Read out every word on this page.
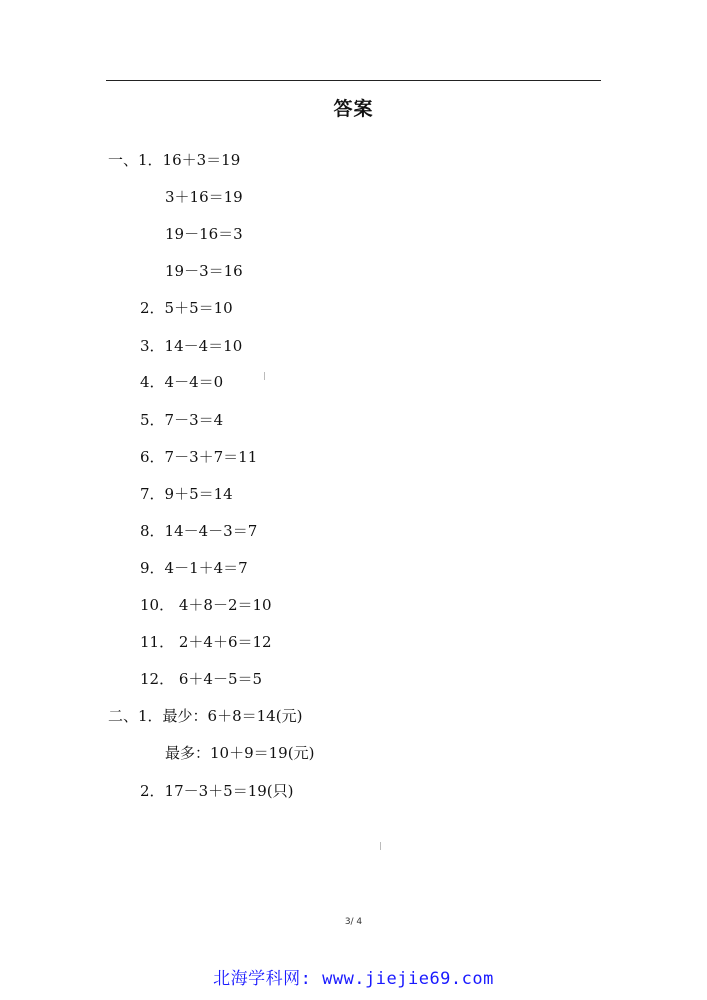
答案
一、1．16＋3＝19
3＋16＝19
19－16＝3
19－3＝16
2．5＋5＝10
3．14－4＝10
4．4－4＝0
5．7－3＝4
6．7－3＋7＝11
7．9＋5＝14
8．14－4－3＝7
9．4－1＋4＝7
10． 4＋8－2＝10
11． 2＋4＋6＝12
12． 6＋4－5＝5
二、1．最少：6＋8＝14(元)
最多：10＋9＝19(元)
2．17－3＋5＝19(只)
3/ 4
北海学科网: www.jiejie69.com
